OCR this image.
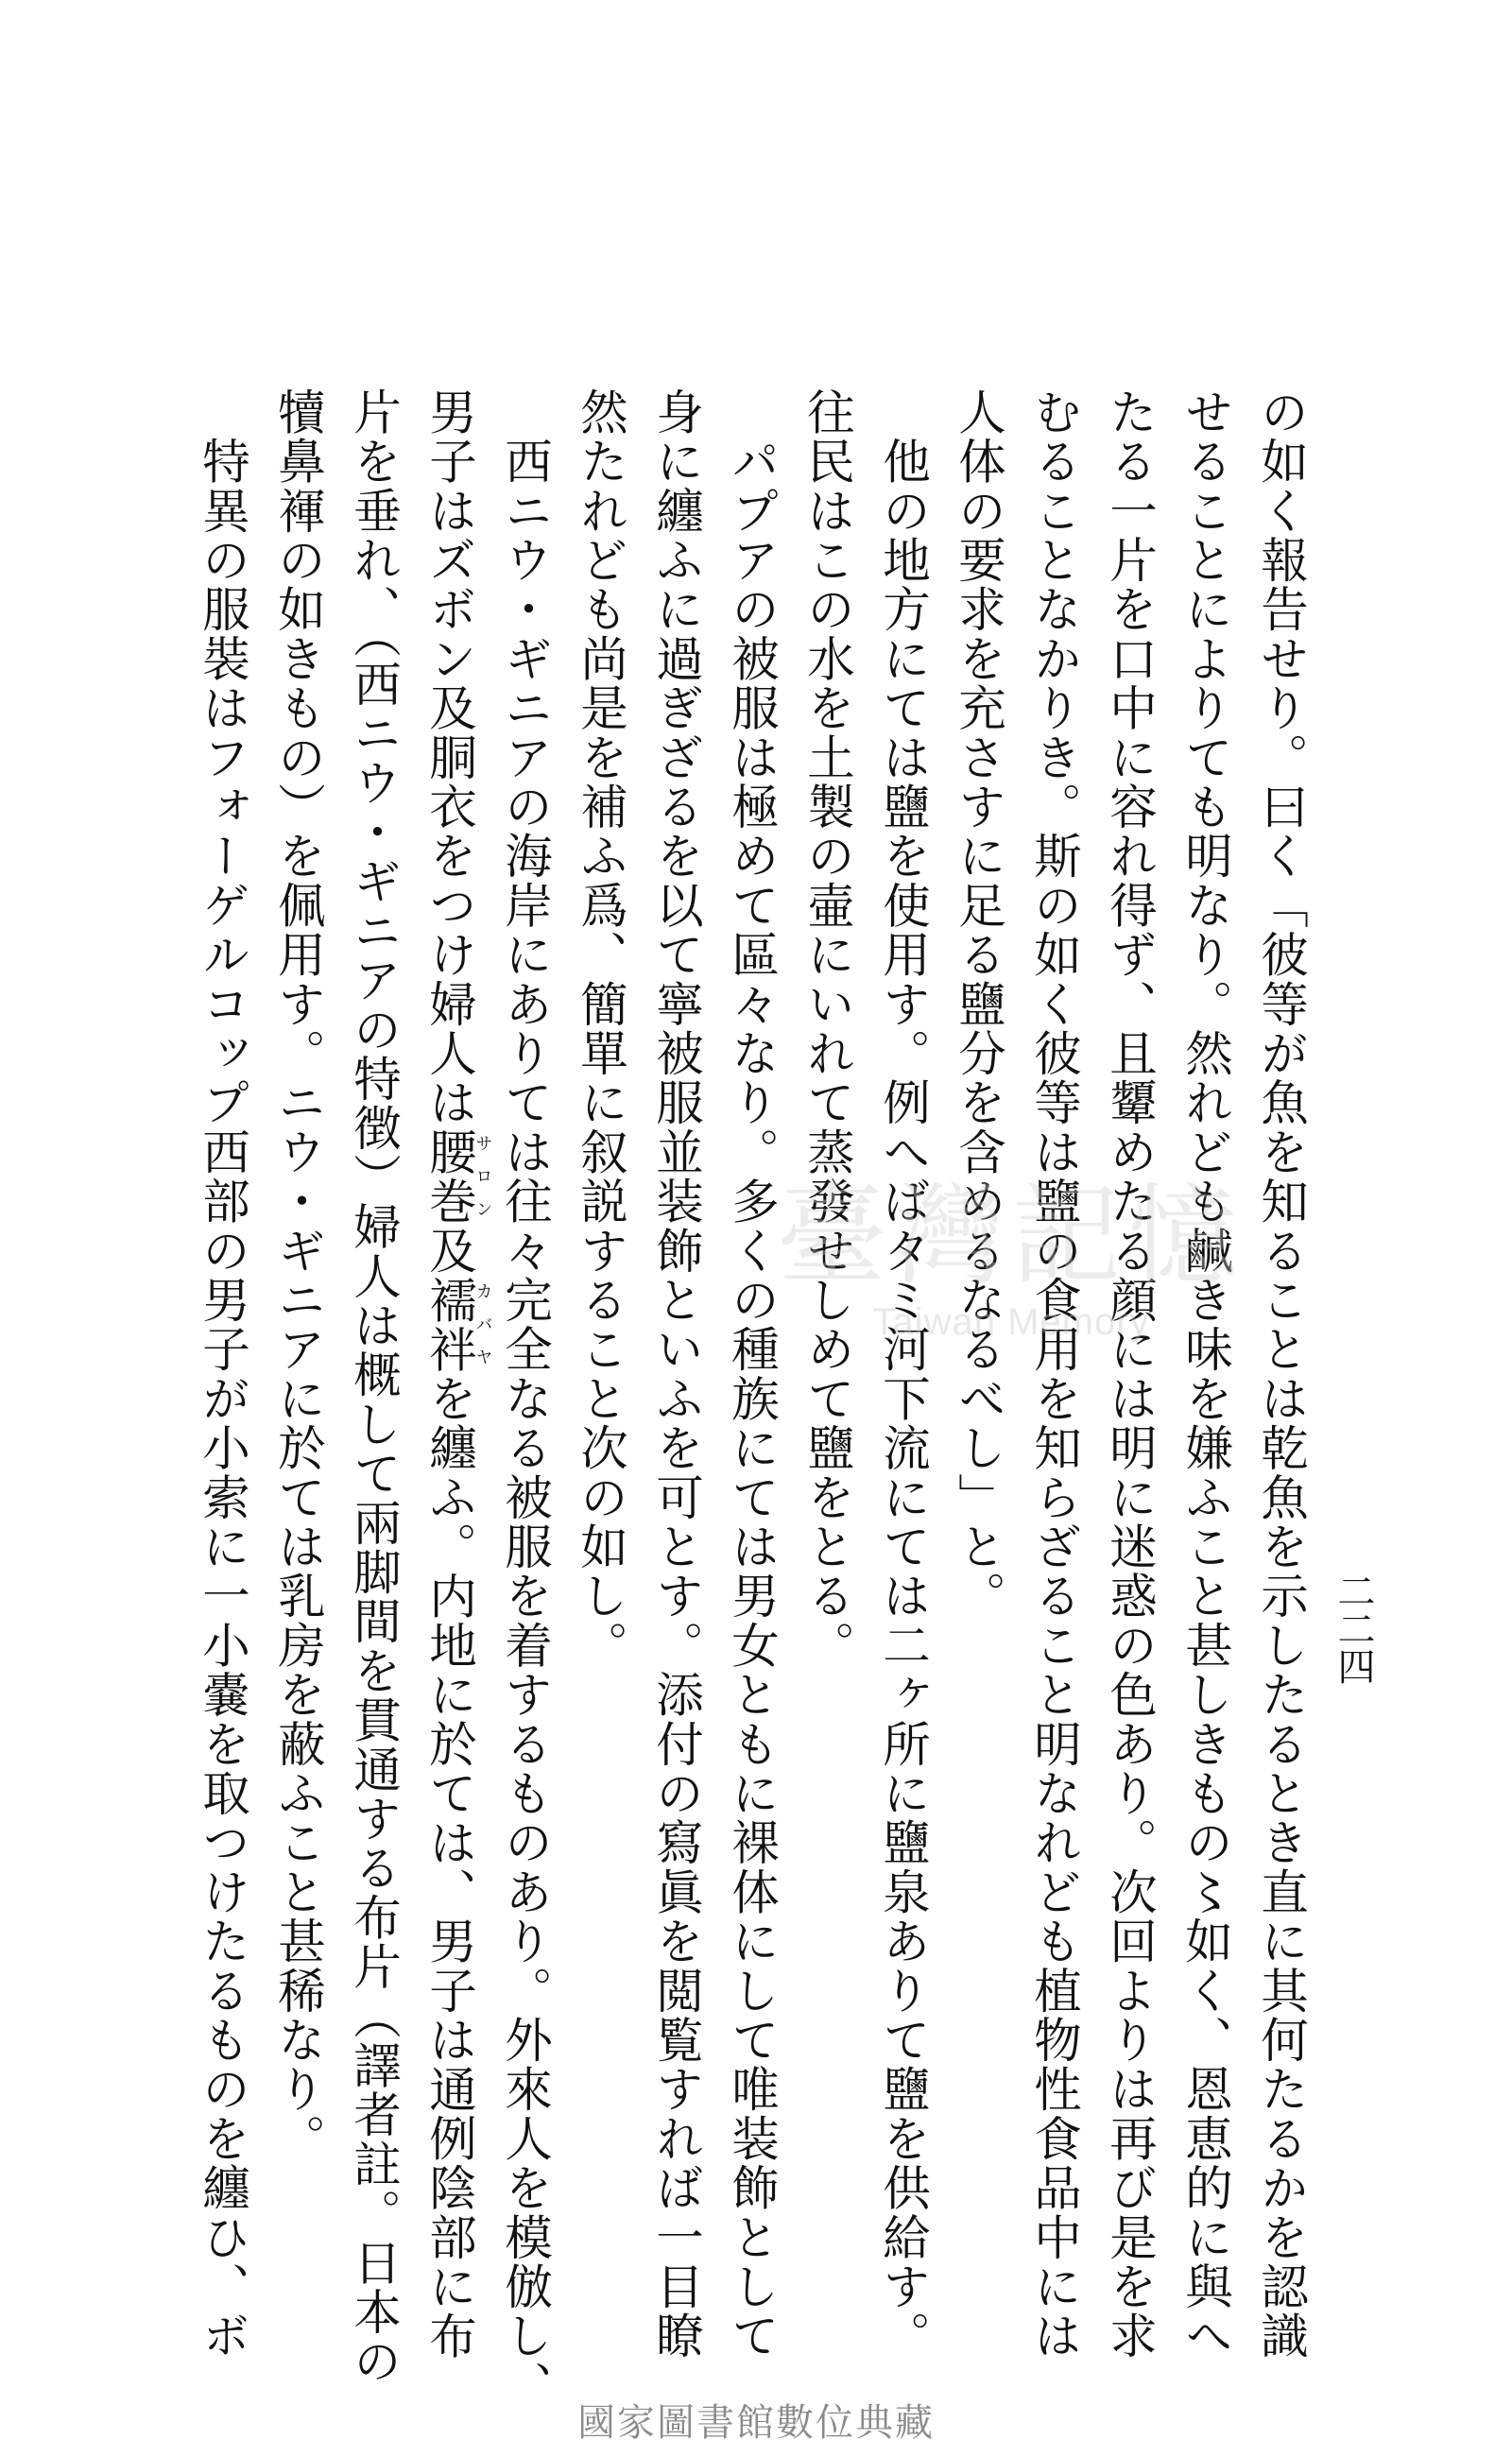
二二四
の如く報告せり。曰く「彼等が魚を知ることは乾魚を示したるとき直に其何たるかを認識
せることによりても明なり。然れども鹹き味を嫌ふこと甚しきもの〻如く、恩恵的に與へ
たる一片を口中に容れ得ず、且顰めたる顔には明に迷惑の色あり。次回よりは再び是を求
むることなかりき。斯の如く彼等は鹽の食用を知らざること明なれども植物性食品中には
人体の要求を充さすに足る鹽分を含めるなるべし」と。
　他の地方にては鹽を使用す。例へばタミ河下流にては二ヶ所に鹽泉ありて鹽を供給す。
往民はこの水を土製の壷にいれて蒸發せしめて鹽をとる。
　パプアの被服は極めて區々なり。多くの種族にては男女ともに裸体にして唯装飾として
身に纏ふに過ぎざるを以て寧被服並装飾といふを可とす。添付の寫眞を閲覧すれば一目瞭
然たれども尚是を補ふ爲、簡單に叙説すること次の如し。
　西ニウ・ギニアの海岸にありては往々完全なる被服を着するものあり。外來人を模倣し、
男子はズボン及胴衣をつけ婦人は腰巻サロン及襦袢カバヤを纏ふ。内地に於ては、男子は通例陰部に布
片を垂れ、（西ニウ・ギニアの特徴）婦人は概して兩脚間を貫通する布片（譯者註。日本の
犢鼻褌の如きもの）を佩用す。ニウ・ギニアに於ては乳房を蔽ふこと甚稀なり。
　特異の服裝はフォーゲルコップ西部の男子が小索に一小嚢を取つけたるものを纏ひ、ボ	臺灣記憶
Taiwan Memory
國家圖書館數位典藏
